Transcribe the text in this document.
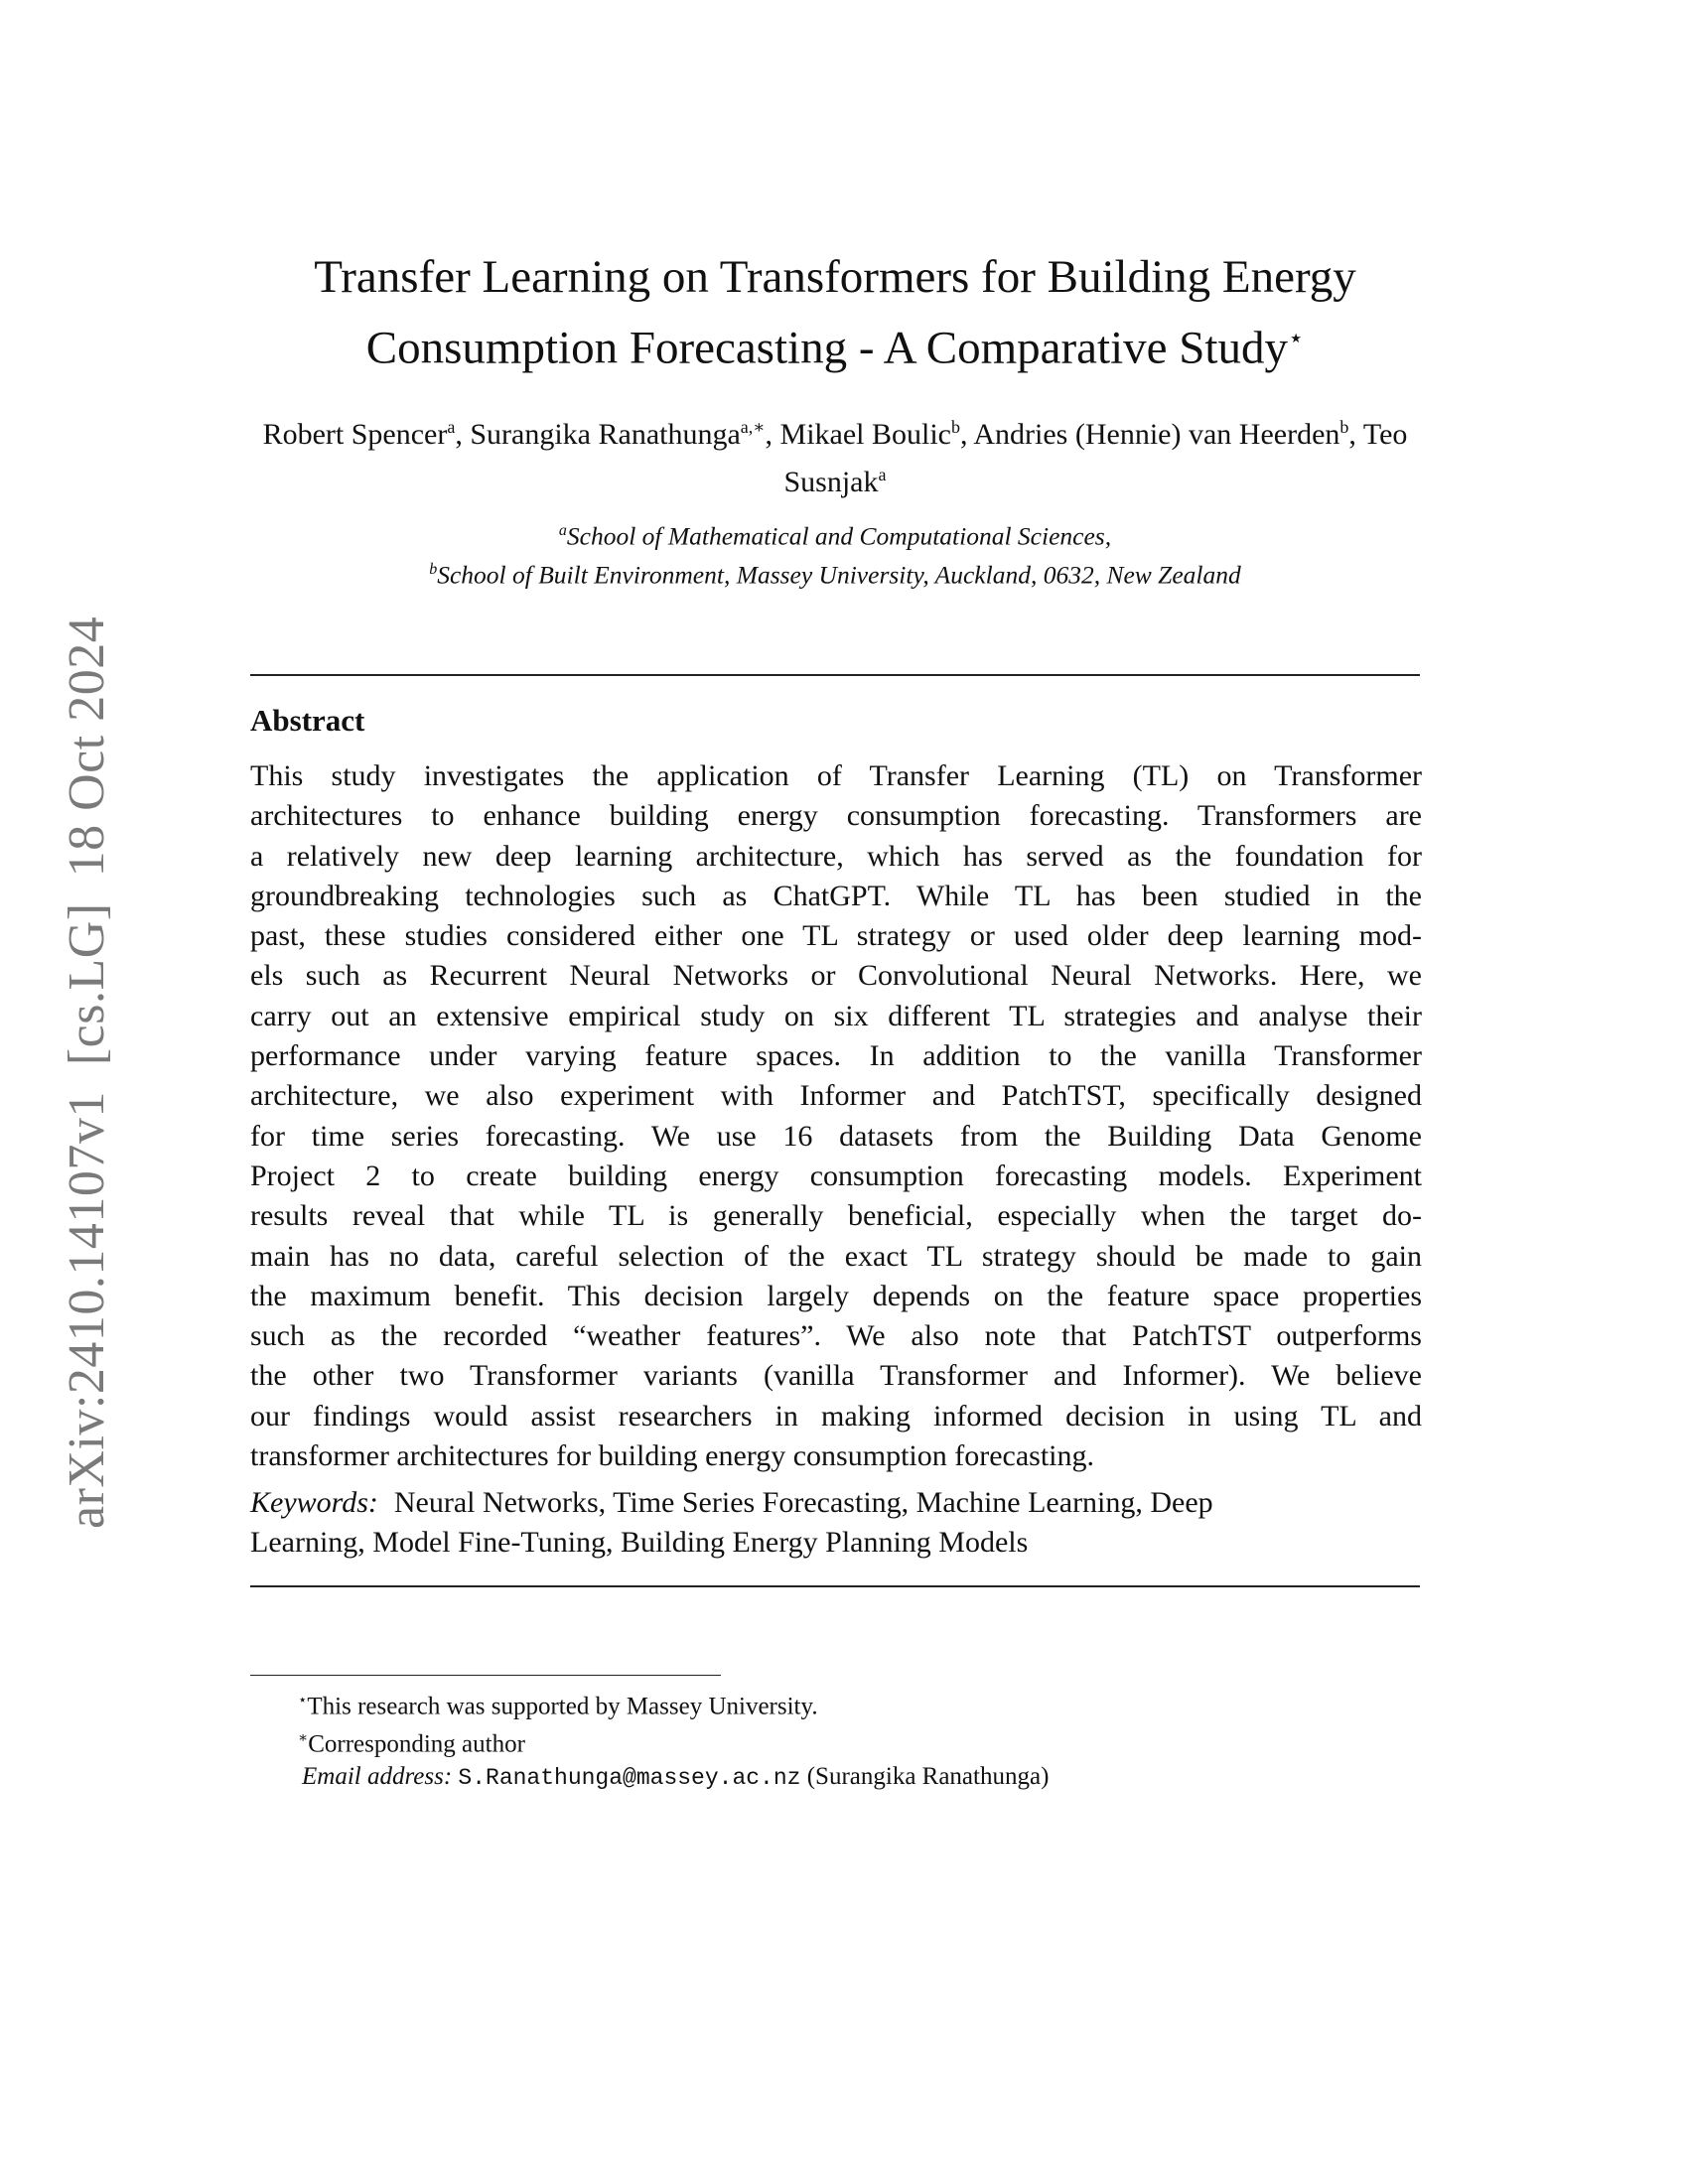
arXiv:2410.14107v1[cs.LG]18 Oct 2024
Transfer Learning on Transformers for Building Energy
Consumption Forecasting - A Comparative Study⋆
Robert Spencer$^a$, Surangika Ranathunga$^{a,∗}$, Mikael Boulic$^b$, Andries (Hennie) van Heerden$^b$, Teo Susnjak$^a$
$^a$School of Mathematical and Computational Sciences,
$^b$School of Built Environment, Massey University, Auckland, 0632, New Zealand
Abstract
This study investigates the application of Transfer Learning (TL) on Transformer
architectures to enhance building energy consumption forecasting. Transformers are
a relatively new deep learning architecture, which has served as the foundation for
groundbreaking technologies such as ChatGPT. While TL has been studied in the
past, these studies considered either one TL strategy or used older deep learning mod-
els such as Recurrent Neural Networks or Convolutional Neural Networks. Here, we
carry out an extensive empirical study on six different TL strategies and analyse their
performance under varying feature spaces. In addition to the vanilla Transformer
architecture, we also experiment with Informer and PatchTST, specifically designed
for time series forecasting. We use 16 datasets from the Building Data Genome
Project 2 to create building energy consumption forecasting models. Experiment
results reveal that while TL is generally beneficial, especially when the target do-
main has no data, careful selection of the exact TL strategy should be made to gain
the maximum benefit. This decision largely depends on the feature space properties
such as the recorded “weather features”. We also note that PatchTST outperforms
the other two Transformer variants (vanilla Transformer and Informer). We believe
our findings would assist researchers in making informed decision in using TL and
transformer architectures for building energy consumption forecasting.
Keywords: Neural Networks, Time Series Forecasting, Machine Learning, Deep
Learning, Model Fine-Tuning, Building Energy Planning Models
⋆This research was supported by Massey University.
∗Corresponding author
Email address: S.Ranathunga@massey.ac.nz (Surangika Ranathunga)
